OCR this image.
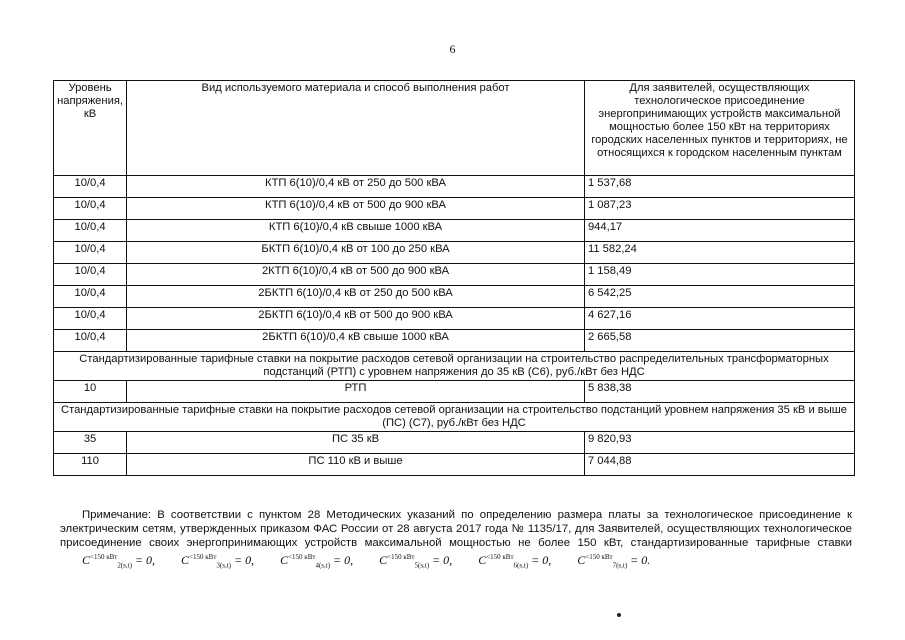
6
Уровень напряжения, кВ	Вид используемого материала и способ выполнения работ	Для заявителей, осуществляющих технологическое присоединение энергопринимающих устройств максимальной мощностью более 150 кВт на территориях городских населенных пунктов и территориях, не относящихся к городском населенным пунктам
10/0,4	КТП 6(10)/0,4 кВ от 250 до 500 кВА	1 537,68
10/0,4	КТП 6(10)/0,4 кВ от 500 до 900 кВА	1 087,23
10/0,4	КТП 6(10)/0,4 кВ свыше 1000 кВА	944,17
10/0,4	БКТП 6(10)/0,4 кВ от 100 до 250 кВА	11 582,24
10/0,4	2КТП 6(10)/0,4 кВ от 500 до 900 кВА	1 158,49
10/0,4	2БКТП 6(10)/0,4 кВ от 250 до 500 кВА	6 542,25
10/0,4	2БКТП 6(10)/0,4 кВ от 500 до 900 кВА	4 627,16
10/0,4	2БКТП 6(10)/0,4 кВ свыше 1000 кВА	2 665,58
Стандартизированные тарифные ставки на покрытие расходов сетевой организации на строительство распределительных трансформаторных подстанций (РТП) с уровнем напряжения до 35 кВ (С6), руб./кВт без НДС		
10	РТП	5 838,38
Стандартизированные тарифные ставки на покрытие расходов сетевой организации на строительство подстанций уровнем напряжения 35 кВ и выше (ПС) (С7), руб./кВт без НДС		
35	ПС 35 кВ	9 820,93
110	ПС 110 кВ и выше	7 044,88

Примечание: В соответствии с пунктом 28 Методических указаний по определению размера платы за технологическое присоединение к электрическим сетям, утвержденных приказом ФАС России от 28 августа 2017 года № 1135/17, для Заявителей, осуществляющих технологическое присоединение своих энергопринимающих устройств максимальной мощностью не более 150 кВт, стандартизированные тарифные ставки $C^{<150 кВт}_{2(s,t)} = 0$, $C^{<150 кВт}_{3(s,t)} = 0$, $C^{<150 кВт}_{4(s,t)} = 0$, $C^{<150 кВт}_{5(s,t)} = 0$, $C^{<150 кВт}_{6(s,t)} = 0$, $C^{<150 кВт}_{7(s,t)} = 0$.
